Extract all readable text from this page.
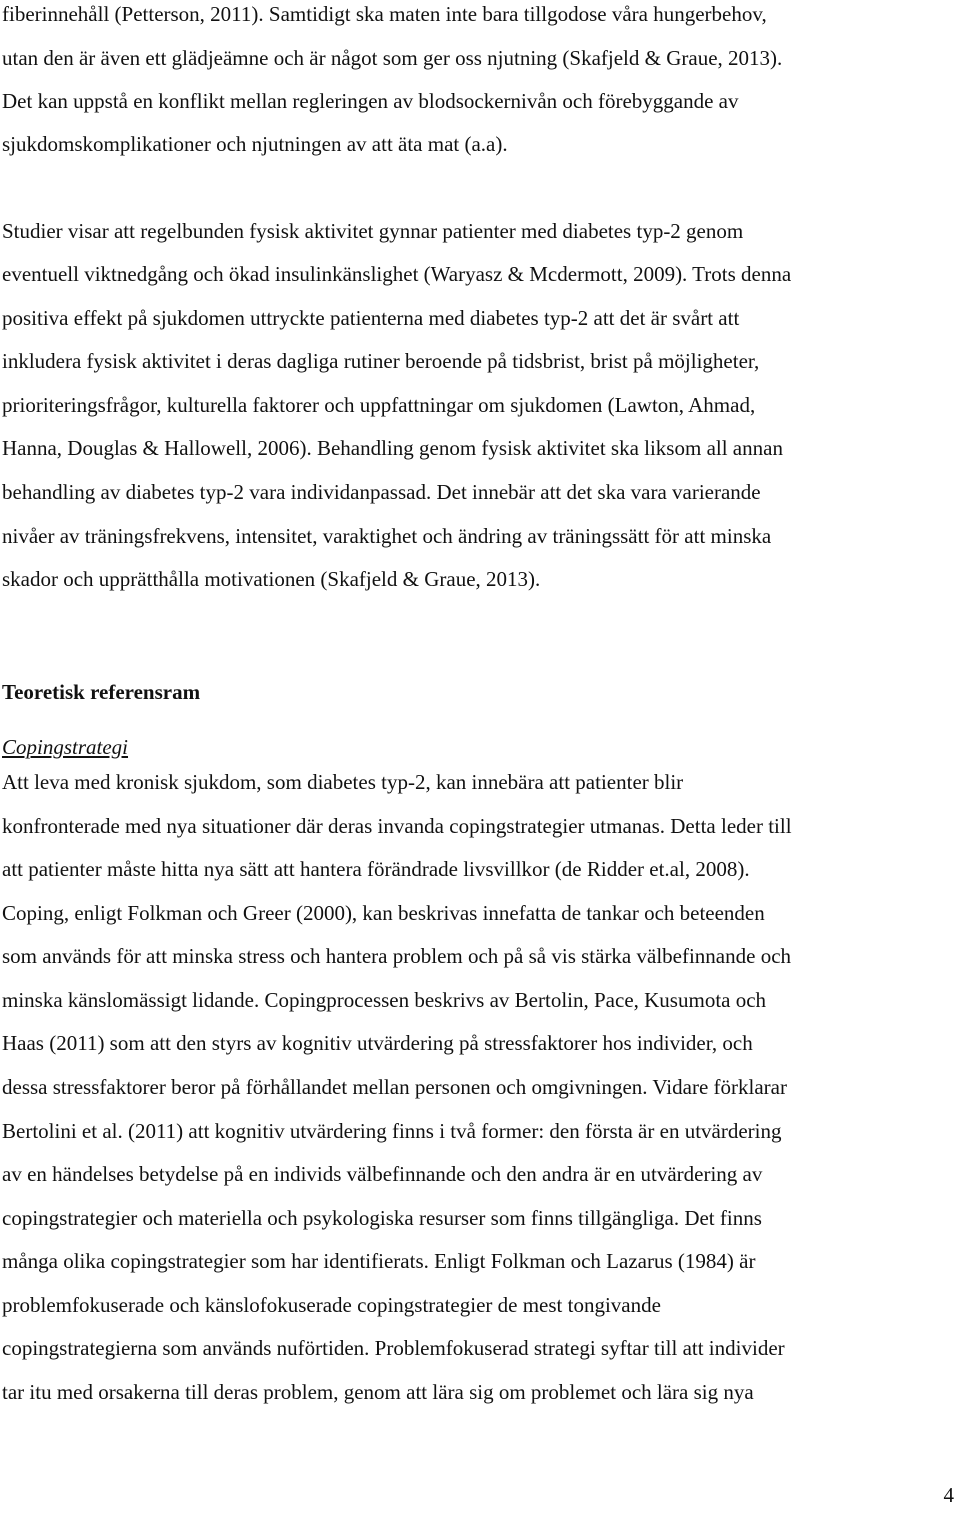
fiberinnehåll (Petterson, 2011). Samtidigt ska maten inte bara tillgodose våra hungerbehov,
utan den är även ett glädjeämne och är något som ger oss njutning (Skafjeld & Graue, 2013).
Det kan uppstå en konflikt mellan regleringen av blodsockernivån och förebyggande av
sjukdomskomplikationer och njutningen av att äta mat (a.a).
Studier visar att regelbunden fysisk aktivitet gynnar patienter med diabetes typ-2 genom
eventuell viktnedgång och ökad insulinkänslighet (Waryasz & Mcdermott, 2009). Trots denna
positiva effekt på sjukdomen uttryckte patienterna med diabetes typ-2 att det är svårt att
inkludera fysisk aktivitet i deras dagliga rutiner beroende på tidsbrist, brist på möjligheter,
prioriteringsfrågor, kulturella faktorer och uppfattningar om sjukdomen (Lawton, Ahmad,
Hanna, Douglas & Hallowell, 2006). Behandling genom fysisk aktivitet ska liksom all annan
behandling av diabetes typ-2 vara individanpassad. Det innebär att det ska vara varierande
nivåer av träningsfrekvens, intensitet, varaktighet och ändring av träningssätt för att minska
skador och upprätthålla motivationen (Skafjeld & Graue, 2013).
Teoretisk referensram
Copingstrategi
Att leva med kronisk sjukdom, som diabetes typ-2, kan innebära att patienter blir
konfronterade med nya situationer där deras invanda copingstrategier utmanas. Detta leder till
att patienter måste hitta nya sätt att hantera förändrade livsvillkor (de Ridder et.al, 2008).
Coping, enligt Folkman och Greer (2000), kan beskrivas innefatta de tankar och beteenden
som används för att minska stress och hantera problem och på så vis stärka välbefinnande och
minska känslomässigt lidande. Copingprocessen beskrivs av Bertolin, Pace, Kusumota och
Haas (2011) som att den styrs av kognitiv utvärdering på stressfaktorer hos individer, och
dessa stressfaktorer beror på förhållandet mellan personen och omgivningen. Vidare förklarar
Bertolini et al. (2011) att kognitiv utvärdering finns i två former: den första är en utvärdering
av en händelses betydelse på en individs välbefinnande och den andra är en utvärdering av
copingstrategier och materiella och psykologiska resurser som finns tillgängliga. Det finns
många olika copingstrategier som har identifierats. Enligt Folkman och Lazarus (1984) är
problemfokuserade och känslofokuserade copingstrategier de mest tongivande
copingstrategierna som används nuförtiden. Problemfokuserad strategi syftar till att individer
tar itu med orsakerna till deras problem, genom att lära sig om problemet och lära sig nya
4
